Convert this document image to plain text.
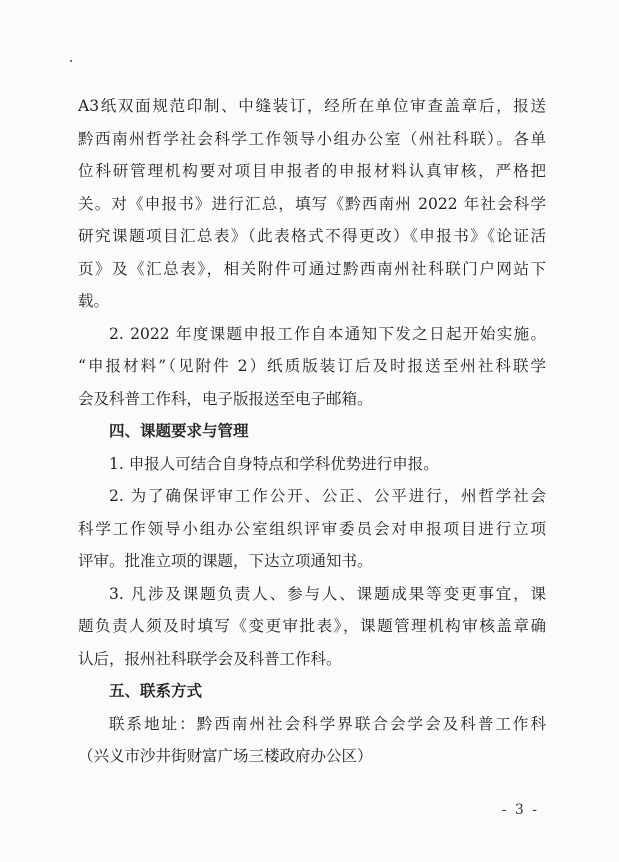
A3纸双面规范印制、中缝装订，经所在单位审查盖章后，报送
黔西南州哲学社会科学工作领导小组办公室（州社科联）。各单
位科研管理机构要对项目申报者的申报材料认真审核，严格把
关。对《申报书》进行汇总，填写《黔西南州 2022 年社会科学
研究课题项目汇总表》（此表格式不得更改）《申报书》《论证活
页》及《汇总表》，相关附件可通过黔西南州社科联门户网站下

载。

2. 2022 年度课题申报工作自本通知下发之日起开始实施。
“申报材料”（见附件 2）纸质版装订后及时报送至州社科联学

会及科普工作科，电子版报送至电子邮箱。

四、课题要求与管理

1. 申报人可结合自身特点和学科优势进行申报。

2. 为了确保评审工作公开、公正、公平进行，州哲学社会
科学工作领导小组办公室组织评审委员会对申报项目进行立项

评审。批准立项的课题，下达立项通知书。

3. 凡涉及课题负责人、参与人、课题成果等变更事宜，课
题负责人须及时填写《变更审批表》，课题管理机构审核盖章确

认后，报州社科联学会及科普工作科。

五、联系方式

联系地址：黔西南州社会科学界联合会学会及科普工作科

（兴义市沙井街财富广场三楼政府办公区）

- 3 -
